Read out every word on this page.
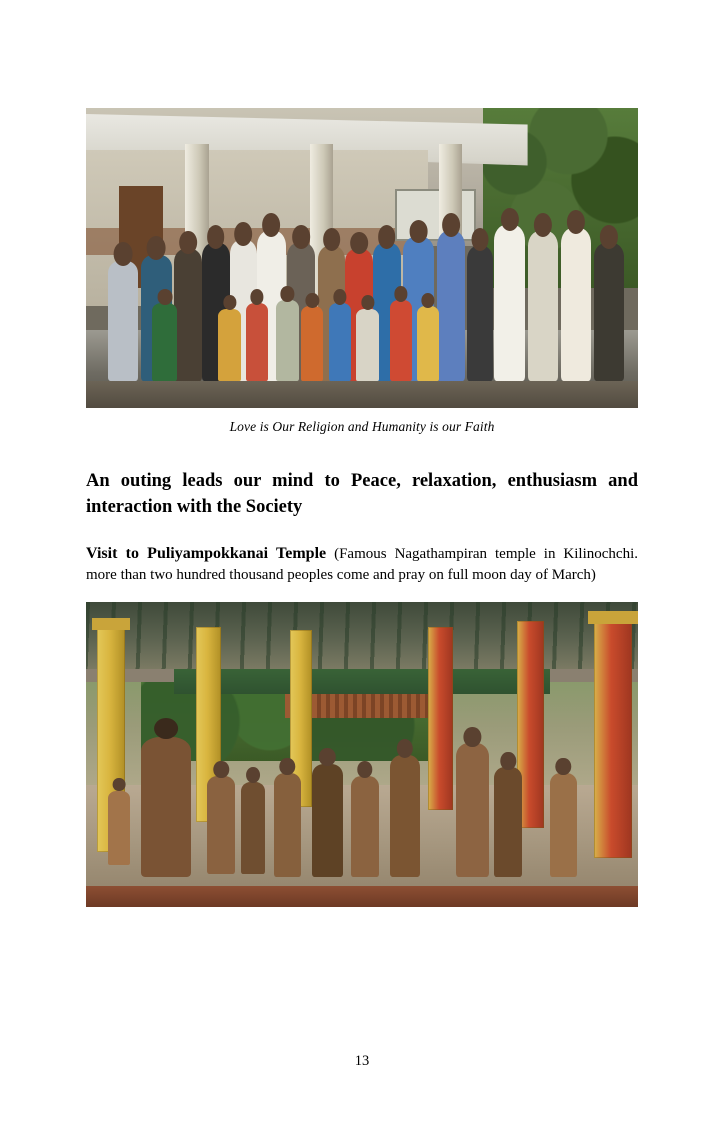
Love is Our Religion and Humanity is our Faith
An outing leads our mind to Peace, relaxation, enthusiasm and interaction with the Society
Visit to Puliyampokkanai Temple (Famous Nagathampiran temple in Kilinochchi. more than two hundred thousand peoples come and pray on full moon day of March)
13
